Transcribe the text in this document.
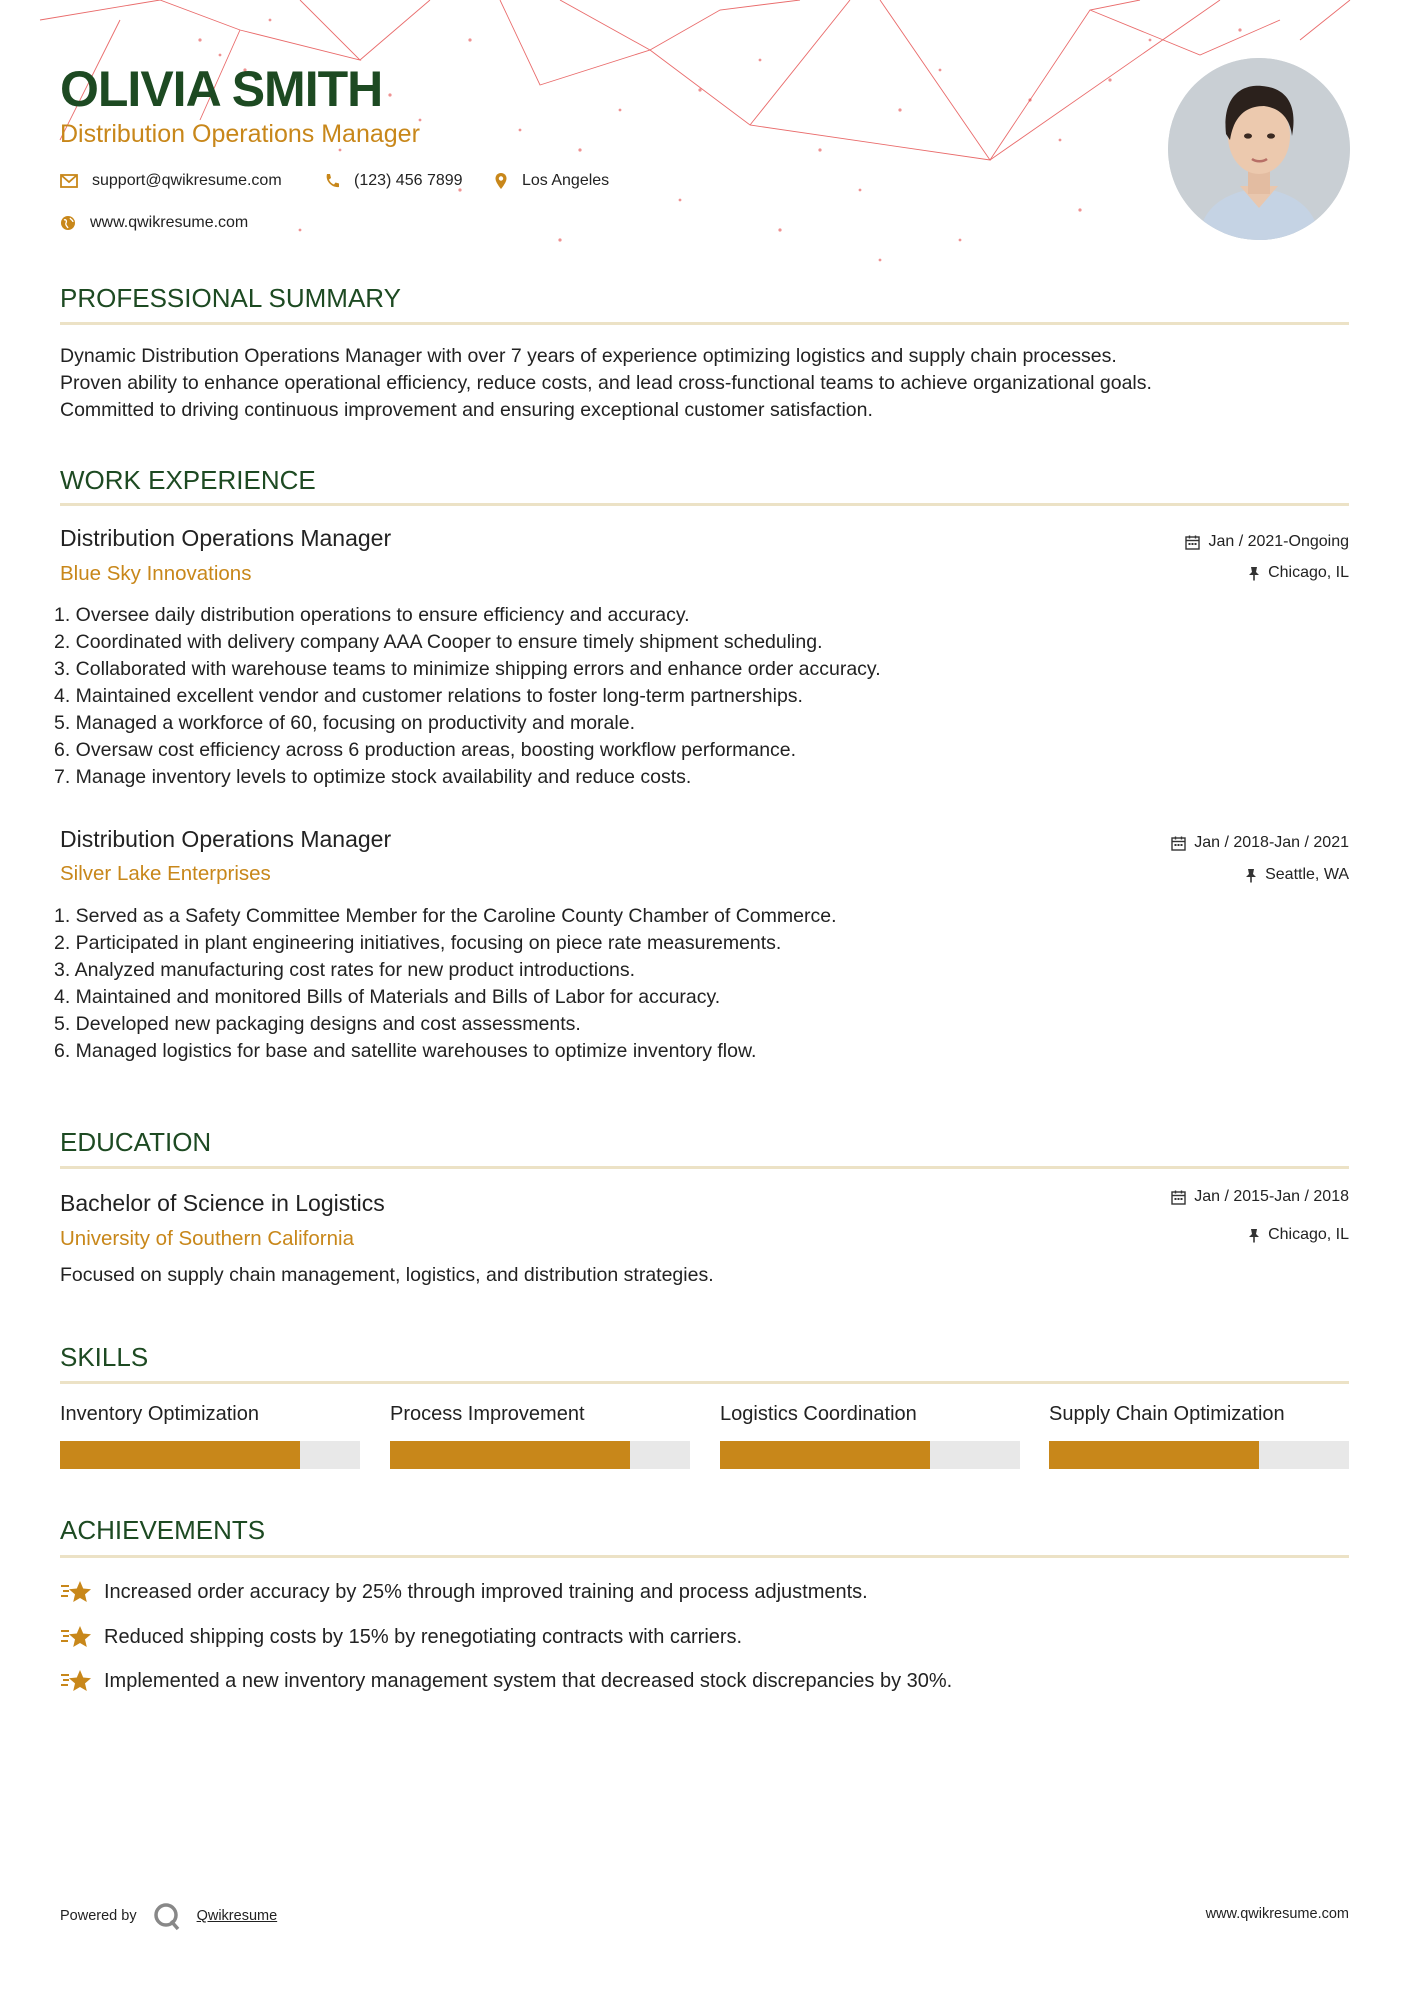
OLIVIA SMITH
Distribution Operations Manager
support@qwikresume.com	(123) 456 7899	Los Angeles
www.qwikresume.com
PROFESSIONAL SUMMARY
Dynamic Distribution Operations Manager with over 7 years of experience optimizing logistics and supply chain processes.
Proven ability to enhance operational efficiency, reduce costs, and lead cross-functional teams to achieve organizational goals.
Committed to driving continuous improvement and ensuring exceptional customer satisfaction.
WORK EXPERIENCE
Distribution Operations Manager
Blue Sky Innovations
Jan / 2021-Ongoing
Chicago, IL
1. Oversee daily distribution operations to ensure efficiency and accuracy.
2. Coordinated with delivery company AAA Cooper to ensure timely shipment scheduling.
3. Collaborated with warehouse teams to minimize shipping errors and enhance order accuracy.
4. Maintained excellent vendor and customer relations to foster long-term partnerships.
5. Managed a workforce of 60, focusing on productivity and morale.
6. Oversaw cost efficiency across 6 production areas, boosting workflow performance.
7. Manage inventory levels to optimize stock availability and reduce costs.
Distribution Operations Manager
Silver Lake Enterprises
Jan / 2018-Jan / 2021
Seattle, WA
1. Served as a Safety Committee Member for the Caroline County Chamber of Commerce.
2. Participated in plant engineering initiatives, focusing on piece rate measurements.
3. Analyzed manufacturing cost rates for new product introductions.
4. Maintained and monitored Bills of Materials and Bills of Labor for accuracy.
5. Developed new packaging designs and cost assessments.
6. Managed logistics for base and satellite warehouses to optimize inventory flow.
EDUCATION
Bachelor of Science in Logistics
University of Southern California
Jan / 2015-Jan / 2018
Chicago, IL
Focused on supply chain management, logistics, and distribution strategies.
SKILLS
Inventory Optimization	Process Improvement	Logistics Coordination	Supply Chain Optimization
ACHIEVEMENTS
Increased order accuracy by 25% through improved training and process adjustments.
Reduced shipping costs by 15% by renegotiating contracts with carriers.
Implemented a new inventory management system that decreased stock discrepancies by 30%.
Powered by	Qwikresume	www.qwikresume.com
